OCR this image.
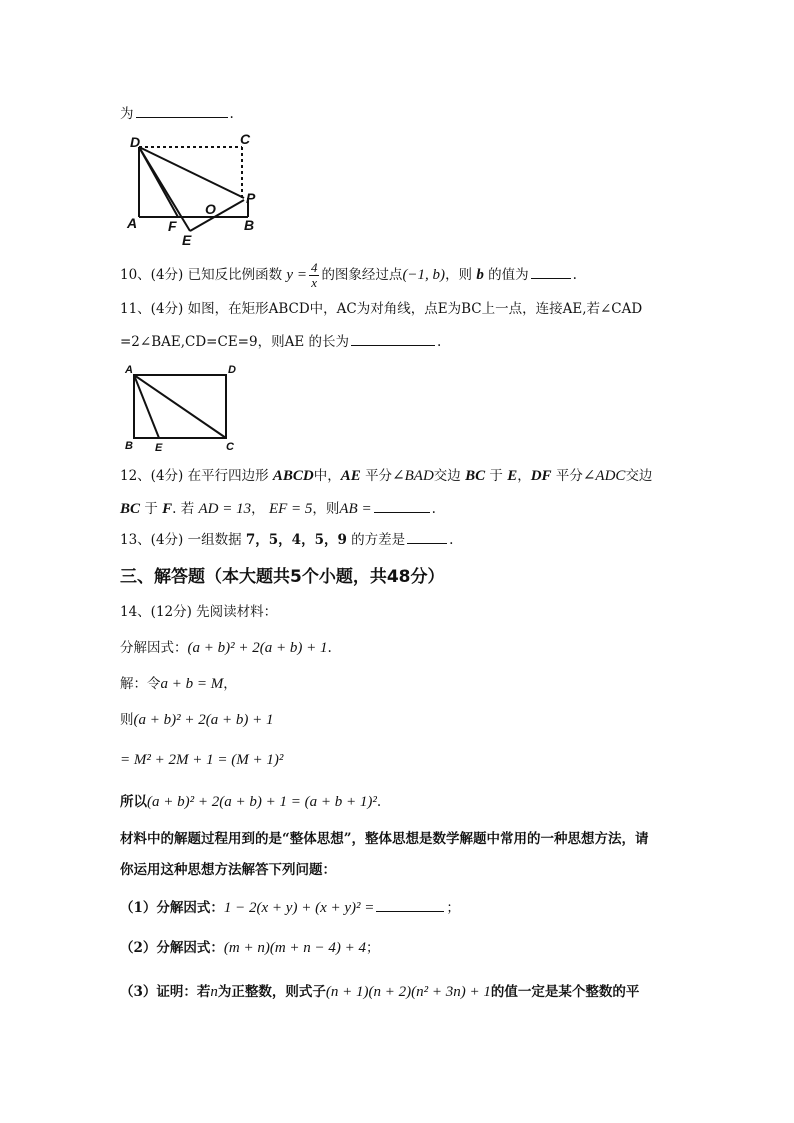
为	.
D	C
P
A F
O
B
E
10、(4分) 已知反比例函数 $y = \frac{4}{x}$ 的图象经过点(−1, b)，则 b 的值为	.
11、(4分) 如图，在矩形ABCD中，AC为对角线，点E为BC上一点，连接AE,若∠CAD
=2∠BAE,CD=CE=9，则AE 的长为	.
A	D
B E	C
12、(4分) 在平行四边形 ABCD中，AE 平分∠BAD交边 BC 于 E，DF 平分∠ADC交边
BC 于 F. 若 AD = 13， EF = 5，则AB =	.
13、(4分) 一组数据 7，5，4，5，9 的方差是	.
三、解答题（本大题共5个小题，共48分）
14、(12分) 先阅读材料：
分解因式：(a + b)² + 2(a + b) + 1.
解：令a + b = M，
则(a + b)² + 2(a + b) + 1
= M² + 2M + 1 = (M + 1)²
所以(a + b)² + 2(a + b) + 1 = (a + b + 1)².
材料中的解题过程用到的是“整体思想”，整体思想是数学解题中常用的一种思想方法，请
你运用这种思想方法解答下列问题：
（1）分解因式：1 − 2(x + y) + (x + y)² =	；
（2）分解因式：(m + n)(m + n − 4) + 4；
（3）证明：若n为正整数，则式子(n + 1)(n + 2)(n² + 3n) + 1的值一定是某个整数的平
